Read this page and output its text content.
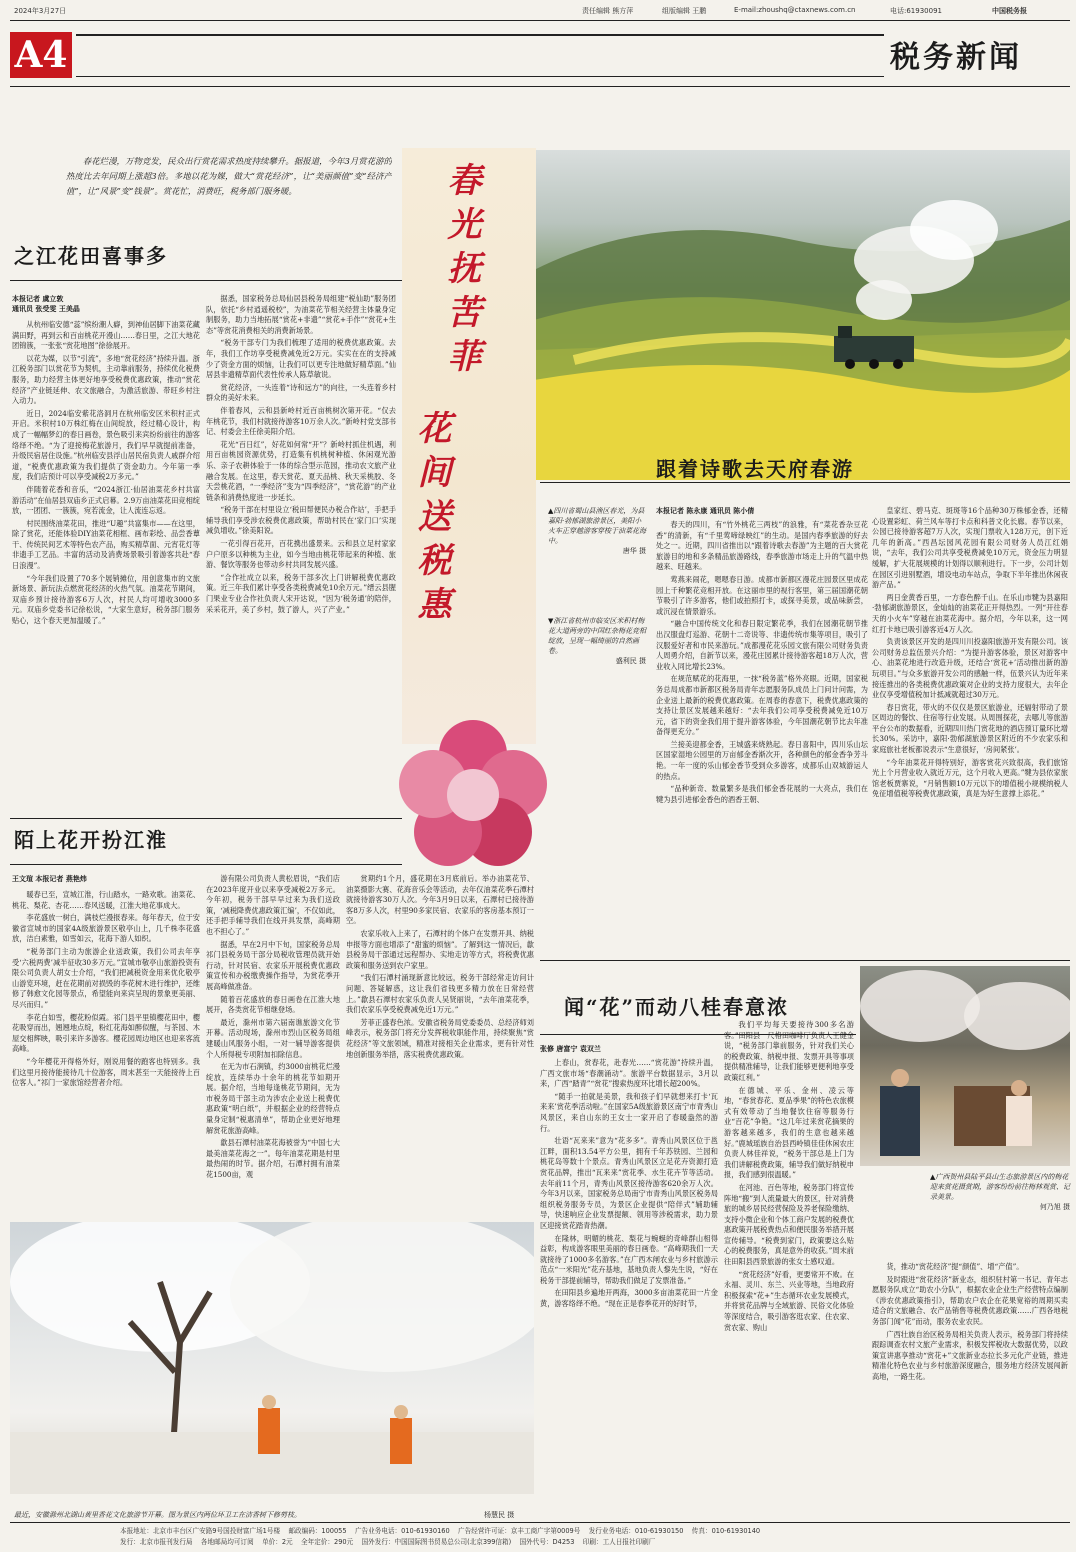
2024年3月27日	责任编辑 熊方萍	组版编辑 王鹏	E-mail:zhoushq@ctaxnews.com.cn	电话:61930091	中国税务报
A4	税务新闻
春光抚苦菲
花间送税惠

春花烂漫，万物竞发，民众出行赏花需求热度持续攀升。据报道，今年3月赏花游的热度比去年同期上涨超3倍。多地以花为媒，做大“赏花经济”，让“美丽颜值”变“经济产值”，让“风景”变“钱景”。赏花忙，消费旺，税务部门服务暖。

之江花田喜事多
本报记者 虞立敦
通讯员 张受雯 王美晶

从杭州临安德“蕊”缤纷潮人癖，到神仙居脚下油菜花藏满田野，再到云和百亩桃花开漫山……春日里，之江大地花团锦簇，一张张“赏花地图”徐徐展开。

以花为媒，以节“引流”，多地“赏花经济”持续升温。浙江税务部门以赏花节为契机，主动靠前服务，持续优化税费服务，助力经营主体更好地享受税费优惠政策，推动“赏花经济”产业链延伸、农文旅融合，为激活旅游、带旺乡村注入动力。

近日，2024临安紫花洛洞月在杭州临安区米积村正式开启。米积村10万株红梅在山间绽放，经过精心设计，构成了一幅幅梦幻的春日画卷，景色吸引来宾纷纷前往的游客络绎不绝。“为了迎接梅花旅游月，我们早早就提前准备，升级民宿居住设施。”杭州临安县浮山居民宿负责人戚群介绍道，“税费优惠政策为我们提供了资金助力。今年第一季度，我们店预计可以享受减税2万多元。”

伴随着花香和音乐，“2024浙江·仙居油菜花乡村共富游活动”在仙居县双庙乡正式启幕。2.9万亩油菜花田竞相绽放，一团团、一簇簇，宛若流金，让人流连忘返。

村民围绕油菜花田，推进“U趣”共富集市——在这里，除了赏花，还能体验DIY油菜花相框、画布彩绘、品尝香蕈干、传统民间艺术等特色农产品，购买精草面、元宵花灯等非遗手工艺品。丰富的活动及消费场景吸引着游客共赴“春日浪漫”。

“今年我们设置了70多个展销摊位，用创意集市的文旅新场景、新玩法点燃赏花经济的火热气氛。油菜花节期间，双庙乡预计接待游客6万人次，村民人均可增收3000多元。双庙乡党委书记徐松说，“大家生意好，税务部门服务贴心，这个春天更加温暖了。”

据悉，国家税务总局仙居县税务局组建“税仙助”服务团队，依托“乡村逍遥税校”，为油菜花节相关经营主体量身定制服务，助力当地拓展“赏花+非遗”“赏花+手作”“赏花+生态”等赏花消费相关的消费新场景。

“税务干部专门为我们梳理了适用的税费优惠政策。去年，我们工作坊享受税费减免近2万元。实实在在的支持减少了资金方面的烦恼，让我们可以更专注地做好精草面。”仙居县非遗精草面代表性传承人陈草敏说。

赏花经济，一头连着“诗和远方”的向往，一头连着乡村群众的美好未来。

伴着春风，云和县新岭村近百亩桃树次第开花。“仅去年桃花节，我们村就接待游客10万余人次。”新岭村党支部书记、村委会主任徐美阳介绍。

花光“百日红”，好花如何常“开”？新岭村抓住机遇，利用百亩桃园资源优势，打造集有机桃树种植、休闲观光游乐、亲子农耕体验于一体的综合型示范园，推动农文旅产业融合发展。在这里，春天赏花、夏天品桃、秋天采桃胶、冬天尝桃花酒，“一季经济”变为“四季经济”，“赏花游”的产业链条和消费热度进一步延长。

“税务干部在村里设立‘税田帮便民办税合作站’，手把手辅导我们享受涉农税费优惠政策，帮助村民在‘家门口’实现减负增收。”徐美阳说。

一花引得百花开，百花携出盛景来。云和县立足村家家户户原多以种桃为主业，如今当地由桃花带起来的种植、旅游、餐饮等服务也带动乡村共同发展兴盛。

“合作社成立以来，税务干部多次上门讲解税费优惠政策。近三年我们累计享受各类税费减免10余万元。”缙云县腥门果业专业合作社负责人宋开达说，“因为‘税务通’的陪伴，采采花开，美了乡村，鼓了游人，兴了产业。”

陌上花开扮江淮
王文瑄 本报记者 燕艳炜

暖春已至，宣城江淮，行山踏水，一路欢歌。油菜花、桃花、梨花、杏花……春风送暖，江淮大地花事成大。

李花盛放一树白，满枝烂漫报春来。每年春天，位于安徽省宣城市的国家4A级旅游景区敬亭山上，几千株李花盛放，洁白素雅，如雪如云，花海下游人如织。

“税务部门主动为旅游企业送政策，我们公司去年享受‘六税两费’减半征收30多万元。”宣城市敬亭山旅游投资有限公司负责人胡女士介绍，“我们把减税资金用来优化敬亭山游览环境，赶在花期前对损毁的李花树木进行维护，还维修了韩愈文化园等景点，希望能向来宾呈现的景象更美丽、尽兴而归。”

李花白如雪，樱花粉似霞。祁门县平里镇樱花田中，樱花吸穿而出，翘翘地点绽，粉红花海如醉似醒，与茶园、木屋交相辉映，吸引来许多游客。樱花园周边地区也迎来客流高峰。

“今年樱花开得格外好，刚说用餐的跑客也特别多。我们这里月接待能接待几十位游客，周末甚至一天能接待上百位客人。”祁门一家旅馆经营者介绍。

游有限公司负责人黄松眉说，“我们店在2023年度开业以来享受减税2万多元。今年初，税务干部早早过来为我们送政策，‘减税降费优惠政策汇编’，不仅如此，还手把手辅导我们在线开具发票，高峰期也不担心了。”

据悉，早在2月中下旬，国家税务总局祁门县税务局干部分局税收管理员就开始行动，针对民宿、农家乐开展税费优惠政策宣传和办税缴费操作指导，为赏花季开展高峰做准备。

随着百花盛放的春日画卷在江淮大地展开，各类赏花节相继登场。

最近，滁州市第六届南谯旅游文化节开幕。活动现场，滁州市烈山区税务局组建暖山风服务小组，一对一辅导游客提供个人所得税专项附加扣除信息。

在无为市石涧镇，约3000亩桃花烂漫绽放，连续举办十余年的桃花节如期开展。据介绍，当地每逢桃花节期间，无为市税务局干部主动为涉农企业送上税费优惠政策“明白纸”，并根据企业的经营特点量身定制“税惠清单”，帮助企业更好地理解赏花旅游高峰。

歙县石潭村油菜花海被誉为“中国七大最美油菜花海之一”。每年油菜花期是村里最热闹的时节。据介绍，石潭村拥有油菜花1500亩，观

赏期约1个月，盛花期在3月底前后。举办油菜花节、油菜摄影大赛、花海音乐会等活动，去年仅油菜花季石潭村就接待游客30万人次。今年3月9日以来，石潭村已接待游客8万多人次，村里90多家民宿、农家乐的客房基本预订一空。

农家乐收入上来了，石潭村的个体户在发票开具、纳税申报等方面也增添了“甜蜜的烦恼”。了解到这一情况后，歙县税务局干部通过远程帮办、实地走访等方式，将税费优惠政策和服务送到农户家里。

“我们石潭村涌现新意比较远，税务干部经常走访问计问题、答疑解惑，这让我们省钱更多精力放在日常经营上。”歙县石潭村农家乐负责人吴贤丽说，“去年油菜花季，我们农家乐享受税费减免近1万元。”

芳菲正盛春色浓。安徽省税务局党委委员、总经济师刘峰表示，税务部门将充分发挥税收职能作用，持续聚焦“赏花经济”等文旅领域，精准对接相关企业需求，更有针对性地创新服务举措，落实税费优惠政策。

最近，安徽滁州北湖山黄里香花文化旅游节开幕。图为景区内两位环卫工在洁香树下修剪枝。	杨慧民 摄
跟着诗歌去天府春游
本报记者 陈永康 通讯员 陈小倩
▲四川省蜀山县渔区春光，为县嘉阳·勃郁湖旅游景区，美阳小火车正穿越游客穿梭于油菜花海中。
唐华 摄
▼浙江省杭州市临安区米积村梅花大道两旁的中国红杂梅花竞相绽放，呈现一幅绮丽的自然画卷。
盛利民 摄

春天的四川，有“竹外桃花三两枝”的浪雅，有“菜花香杂豆花香”的清新，有“千里莺啼绿映红”的生动。是国内春季旅游的好去处之一。近期，四川省推出以“跟着诗歌去春游”为主题的百大赏花旅游目的地和多条精品旅游路线，春季旅游市场走上升的气温中热越来、旺越来。

莺燕来闹花，嗯嗯春日游。成都市新都区漫花庄园景区里成花园上千种繁花竞相开放。在这丽市里的视行客里，第三届国潮花朝节吸引了许多游客，他们或拍照打卡，或探寻美景，或品味新尝，或沉浸在情景游乐。

“融合中国传统文化和春日限定繁花季，我们在园潮花朝节推出汉服盘灯巡游、花朝十二奇说等、非遗传统市集等项目，吸引了汉服爱好者和市民来游玩。”成都漫花花乐园文旅有限公司财务负责人周勇介绍，自新节以来，漫花庄园累计接待游客超18万人次，营业收入同比增长23%。

在规范赋花的花海里，一抹“税务蓝”格外亮眼。近期，国家税务总局成都市新都区税务局青年志愿服务队成员上门问计问需，为企业送上最新的税费优惠政策。在周春的春意下，税费优惠政策的支持让景区发展越来越好：“去年我们公司享受税费减免近10万元，省下的资金我们用于提升游客体验，今年国潮花朝节比去年准备得更充分。”

兰接美迎都金香，王城盛来烧熟起。春日喜阳中，四川乐山坛区国家湿地公园里的万亩郁金香渐次开，各种颜色的郁金香争芳斗艳。一年一度的乐山郁金香节受到众多游客，成都乐山双城游运人的热点。

“品种新奇、数量繁多是我们郁金香花展的一大亮点，我们在犍为县引进郁金香色的酒香王朝、

皇家红、碧马克、斑斑等16个品种30万株郁金香，还精心设置彩虹、荷兰风车等打卡点和科普文化长廊。春节以来，公园已接待游客超7万人次，实现门票收入128万元，创下近几年的新高。”西昌坛园风花园有限公司财务人员江红娟说，“去年，我们公司共享受税费减免10万元，资金压力明显缓解，扩大花展规模的计划得以顺利进行。下一步，公司计划在园区引进别墅酒，增设电动车站点，争取下半年推出休闲夜游产品。”

两日金黄香百里，一方春色醉千山。在乐山市犍为县嘉阳·勃郁湖旅游景区，金灿灿的油菜花正开得热烈。一列“开往春天的小火车”穿越在油菜花海中。据介绍，今年以来，这一网红打卡地已吸引游客近4万人次。

负责该景区开发的是四川川投嘉阳旅游开发有限公司。该公司财务总监伍景兴介绍：“为提升游客体验，景区对游客中心、油菜花地进行改造升级，还结合‘赏花+’活动推出新的游玩项目。”与众多旅游开发公司的感触一样，伍景兴认为近年来接连推出的各类税费优惠政策对企业的支持力度很大，去年企业仅享受增值税加计抵减就超过30万元。

春日赏花，带火的不仅仅是景区旅游业，还辐射带动了景区周边的餐饮、住宿等行业发展。从周围探花，去哪儿等旅游平台公布的数据看，近期四川热门赏花地的酒店预订量环比增长30%。采访中，嘉阳·勃郁湖旅游景区附近的不少农家乐和家庭旅社老板都说表示“生意很好，‘房间紧张’。

“今年油菜花开得特别好，游客赏花兴致很高，我们旅馆光上个月营业收入就近万元，这个月收入更高。”犍为县依家旅馆老板贾寨说，“月销售额10万元以下的增值税小规模纳税人免征增值税等税费优惠政策，真是为好生意撑上添花。”

闻“花”而动八桂春意浓
张修 唐富宁 袁双兰
▲广西贺州县陆平县山生态旅游景区内的梅花迎来赏花摄赏期，游客纷纷前往梅林观赏、记录美景。
何乃旭 摄

上春山，赏春花，赴春光……“赏花游”持续升温，广西文旅市场“春潮涌动”。旅游平台数据显示，3月以来，广西“踏青”“赏花”搜索热度环比增长超200%。

“随手一拍就是美景，我和孩子们早就想来打卡‘瓦来来’赏花季活动啦。”在国家5A级旅游景区南宁市青秀山风景区，来自山东的王女士一家开启了春暖盎然的游行。

壮语“瓦来来”意为“花多多”。青秀山风景区位于邕江畔，面积13.54平方公里，拥有千年苏铁园、兰园和桃花岛等数十个景点。青秀山风景区立足花卉资源打造赏花品牌，推出“瓦来来”赏花季、水生花卉节等活动。去年前11个月，青秀山风景区接待游客620余万人次。今年3月以来，国家税务总局南宁市青秀山风景区税务局组织税务服务专员，为景区企业提供“陪伴式”辅助辅导，快速响应企业发票提额、领用等涉税需求，助力景区迎接赏花踏青热潮。

在隆林，明媚的桃花、梨花与蜿蜒的奇峰群山相得益彰，构成游客眼里美丽的春日画卷。“高峰期我们一天就接待了1000多名游客。”在广西木闸农业与乡村旅游示范点“一米阳光”花卉基地，基地负责人黎先生说，“好在税务干部提前辅导，帮助我们做足了发票准备。”

在田阳县乡遍地开两海，3000多亩油菜花田一片金黄，游客络绎不绝。“现在正是春季花开的好时节，

我们平均每天要接待300多名游客。”田阳县一尺格田咖啡厅负责人王健金说，“税务部门靠前服务，针对我们关心的税费政策、纳税申报、发票开具等事项提供精准辅导，让我们能够更便利地享受政策红利。”

在德城、平乐、金州、凌云等地，“春赏春花、夏品季果”的特色农旅模式有效带动了当地餐饮住宿等服务行业“百花”争艳。“这几年过来赏花摘果的游客越来越多，我们的生意也越来越好。”鹿城瑶族自治县西岭镇佳佳休闲农庄负责人林佳祥说，“税务干部总是上门为我们讲解税费政策，辅导我们做好纳税申报，我们感到很温暖。”

在河池、百色等地，税务部门将宣传阵地“搬”到人流量最大的景区，针对消费旅的城乡居民经营保险及养老保险缴纳、支持小微企业和个体工商户发展的税费优惠政策开展税费热点和便民服务举措开展宣传辅导。“税费到家门，政策要这么贴心的税费服务，真是意外的收获。”周末前往田阳县西景旅游的张女士感叹道。

“赏花经济”好看，更要常开不败。在永福、灵川、东兰、兴业等地，当地政府积极探索“花+”生态循环农业发展模式，并将赏花品牌与全域旅游、民俗文化体验等深度结合，吸引游客逛农家、住农家、赏农家、购山

货，推动“赏花经济”提“颜值”、增“产值”。

及时跟进“赏花经济”新业态，组织驻村第一书记、青年志愿服务队成立“助农小分队”，根据农业企业生产经营特点编制《涉农优惠政策指引》，帮助农户农企在花果宽裕的周期买卖适合的文旅融合、农产品销售等税费优惠政策……广西各地税务部门闻“花”而动，服务农业农民。

广西壮族自治区税务局相关负责人表示，税务部门将持续跟踪调查农村文旅产业需求，积极发挥税收大数据优势，以政策宣讲惠享推动“赏花+”文旅新业态拉长多元化产业链，推进精准化特色农业与乡村旅游深度融合，服务地方经济发展闯新高地，一路生花。

本报地址：北京市丰台区广安路9号国投财富广场1号楼 邮政编码：100055 广告业务电话：010-61930160 广告经营许可证：京丰工商广字第0009号 发行业务电话：010-61930150 传真：010-61930140
发行：北京市报刊发行局 各地邮局均可订阅 单价：2元 全年定价：290元 国外发行：中国国际图书贸易总公司(北京399信箱) 国外代号：D4253 印刷：工人日报社印刷厂
